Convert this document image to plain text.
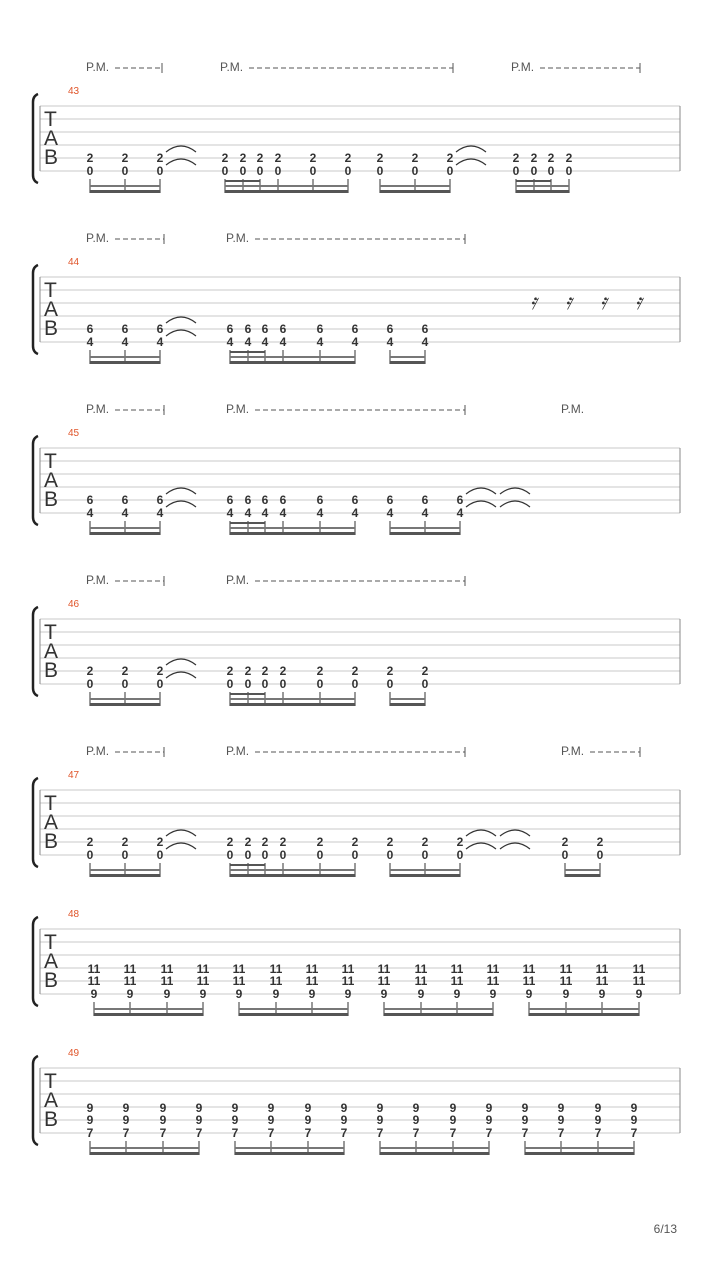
T
A
B
43
P.M.	P.M.	P.M.
2
0
2
0
2
0
2
0
2
0
2
0
2
0
2
0
2
0
2
0
2
0
2
0
2
0
2
0
2
0
2
0
T
A
B
44
P.M.	P.M.
6
4
6
4
6
4
6
4
6
4
6
4
6
4
6
4
6
4
6
4
6
4
𝄿 𝄿 𝄿 𝄿
T
A
B
45
P.M.	P.M.	P.M.
6
4
6
4
6
4
6
4
6
4
6
4
6
4
6
4
6
4
6
4
6
4
6
4
T
A
B
46
P.M.	P.M.
2
0
2
0
2
0
2
0
2
0
2
0
2
0
2
0
2
0
2
0
2
0
T
A
B
47
P.M.	P.M.	P.M.
2
0
2
0
2
0
2
0
2
0
2
0
2
0
2
0
2
0
2
0
2
0
2
0
2
0
2
0
T
A
B
48
11
11
9
11
11
9
11
11
9
11
11
9
11
11
9
11
11
9
11
11
9
11
11
9
11
11
9
11
11
9
11
11
9
11
11
9
11
11
9
11
11
9
11
11
9
11
11
9
T
A
B
49
9
9
7
9
9
7
9
9
7
9
9
7
9
9
7
9
9
7
9
9
7
9
9
7
9
9
7
9
9
7
9
9
7
9
9
7
9
9
7
9
9
7
9
9
7
9
9
7
6/13
